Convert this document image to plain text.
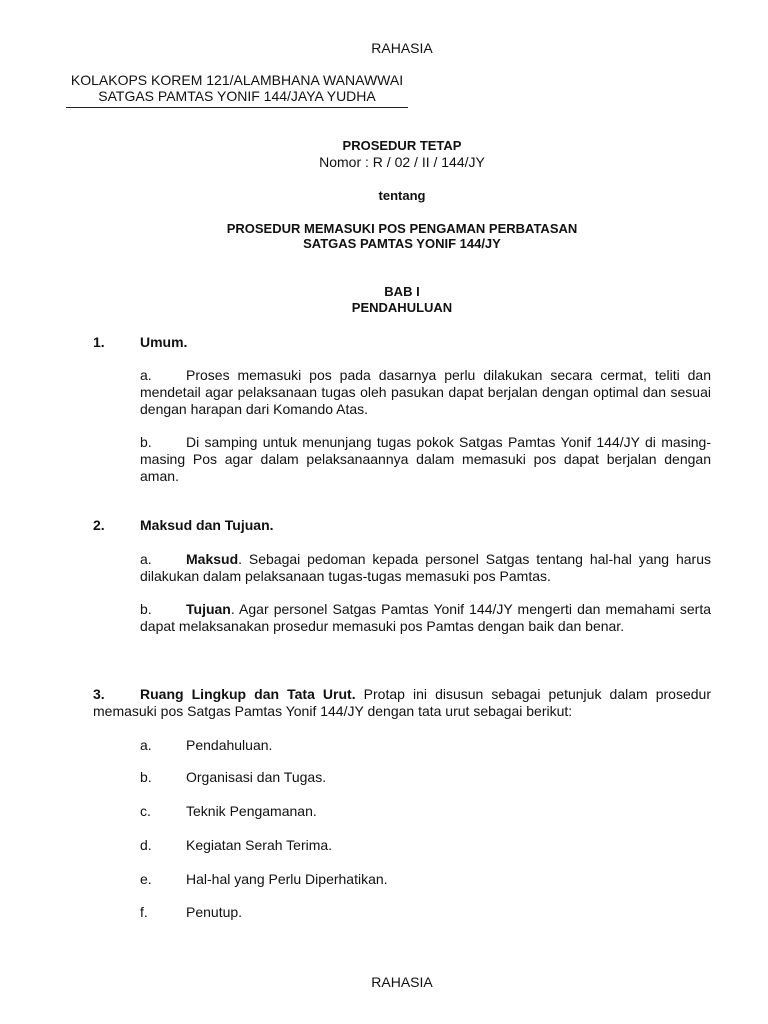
RAHASIA
KOLAKOPS KOREM 121/ALAMBHANA WANAWWAI
SATGAS PAMTAS YONIF 144/JAYA YUDHA
PROSEDUR TETAP
Nomor : R / 02 / II / 144/JY
tentang
PROSEDUR MEMASUKI POS PENGAMAN PERBATASAN
SATGAS PAMTAS YONIF 144/JY
BAB I
PENDAHULUAN
1.	Umum.
a. Proses memasuki pos pada dasarnya perlu dilakukan secara cermat, teliti dan mendetail agar pelaksanaan tugas oleh pasukan dapat berjalan dengan optimal dan sesuai dengan harapan dari Komando Atas.
b. Di samping untuk menunjang tugas pokok Satgas Pamtas Yonif 144/JY di masing-masing Pos agar dalam pelaksanaannya dalam memasuki pos dapat berjalan dengan aman.
2.	Maksud dan Tujuan.
a. Maksud. Sebagai pedoman kepada personel Satgas tentang hal-hal yang harus dilakukan dalam pelaksanaan tugas-tugas memasuki pos Pamtas.
b. Tujuan. Agar personel Satgas Pamtas Yonif 144/JY mengerti dan memahami serta dapat melaksanakan prosedur memasuki pos Pamtas dengan baik dan benar.
3.	Ruang Lingkup dan Tata Urut. Protap ini disusun sebagai petunjuk dalam prosedur memasuki pos Satgas Pamtas Yonif 144/JY dengan tata urut sebagai berikut:
a. Pendahuluan.
b. Organisasi dan Tugas.
c.	Teknik Pengamanan.
d. Kegiatan Serah Terima.
e. Hal-hal yang Perlu Diperhatikan.
f.	Penutup.
RAHASIA
